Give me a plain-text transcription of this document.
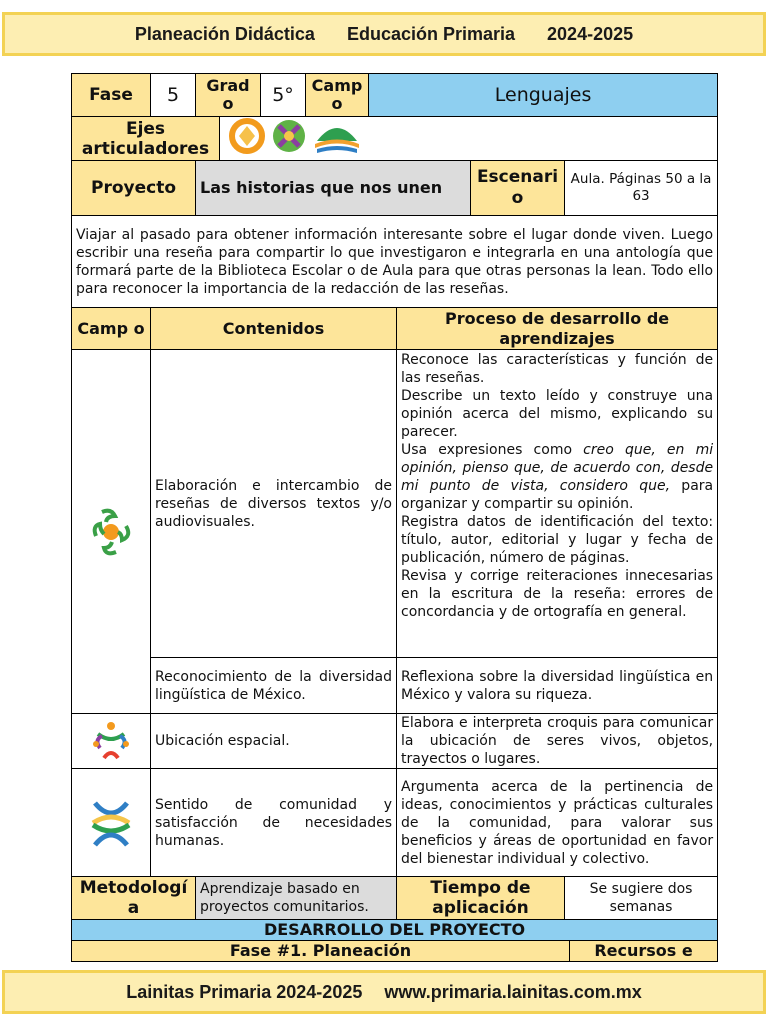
Planeación Didáctica Educación Primaria 2024-2025
Fase	5	Grad o		5°	Camp o	Lenguajes				
Ejes articuladores	

Proyecto		Las historias que nos unen						Escenari o	Aula. Páginas 50 a la 63	
Viajar al pasado para obtener información interesante sobre el lugar donde viven. Luego escribir una reseña para compartir lo que investigaron e integrarla en una antología que formará parte de la Biblioteca Escolar o de Aula para que otras personas la lean. Todo ello para reconocer la importancia de la redacción de las reseñas.										
Camp o	Contenidos						Proceso de desarrollo de aprendizajes			
	Elaboración e intercambio de reseñas de diversos textos y/o audiovisuales.						Reconoce las características y función de las reseñas.
Describe un texto leído y construye una opinión acerca del mismo, explicando su parecer.
Usa expresiones como creo que, en mi opinión, pienso que, de acuerdo con, desde mi punto de vista, considero que, para organizar y compartir su opinión.
Registra datos de identificación del texto: título, autor, editorial y lugar y fecha de publicación, número de páginas.
Revisa y corrige reiteraciones innecesarias en la escritura de la reseña: errores de concordancia y de ortografía en general.			

	Reconocimiento de la diversidad lingüística de México.						Reflexiona sobre la diversidad lingüística en México y valora su riqueza.			
	Ubicación espacial.						Elabora e interpreta croquis para comunicar la ubicación de seres vivos, objetos, trayectos o lugares.			
	Sentido de comunidad y satisfacción de necesidades humanas.						Argumenta acerca de la pertinencia de ideas, conocimientos y prácticas culturales de la comunidad, para valorar sus beneficios y áreas de oportunidad en favor del bienestar individual y colectivo.			
Metodologí a		Aprendizaje basado en proyectos comunitarios.					Tiempo de aplicación		Se sugiere dos semanas	
DESARROLLO DEL PROYECTO										
Fase #1. Planeación										Recursos e
Lainitas Primaria 2024-2025 www.primaria.lainitas.com.mx
